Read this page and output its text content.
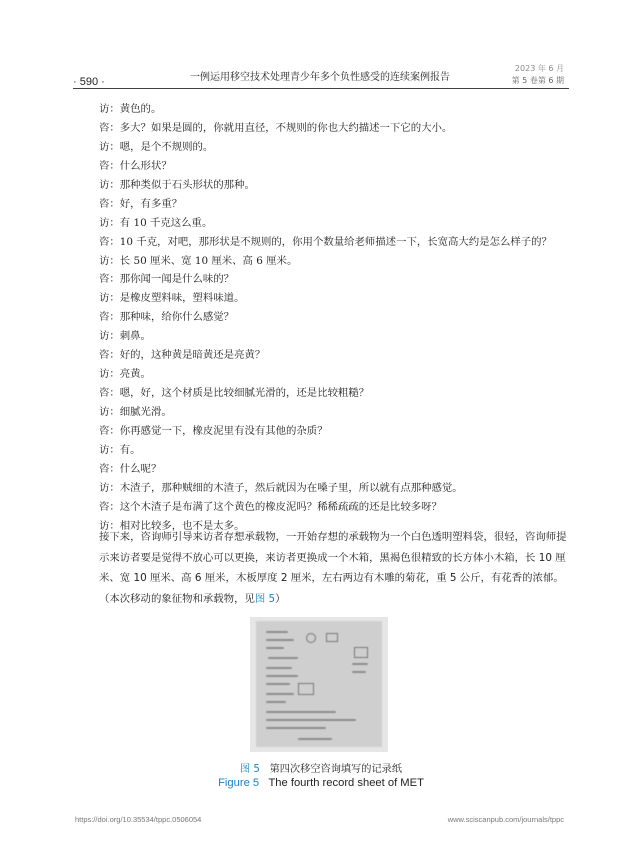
· 590 ·	一例运用移空技术处理青少年多个负性感受的连续案例报告
2023 年 6 月
第 5 卷第 6 期
访：黄色的。
咨：多大？如果是圆的，你就用直径，不规则的你也大约描述一下它的大小。
访：嗯，是个不规则的。
咨：什么形状？
访：那种类似于石头形状的那种。
咨：好，有多重？
访：有 10 千克这么重。
咨：10 千克，对吧，那形状是不规则的，你用个数量给老师描述一下，长宽高大约是怎么样子的？
访：长 50 厘米、宽 10 厘米、高 6 厘米。
咨：那你闻一闻是什么味的？
访：是橡皮塑料味，塑料味道。
咨：那种味，给你什么感觉？
访：刺鼻。
咨：好的，这种黄是暗黄还是亮黄？
访：亮黄。
咨：嗯，好，这个材质是比较细腻光滑的，还是比较粗糙？
访：细腻光滑。
咨：你再感觉一下，橡皮泥里有没有其他的杂质？
访：有。
咨：什么呢？
访：木渣子，那种贼细的木渣子，然后就因为在嗓子里，所以就有点那种感觉。
咨：这个木渣子是布满了这个黄色的橡皮泥吗？稀稀疏疏的还是比较多呀？
访：相对比较多，也不是太多。

接下来，咨询师引导来访者存想承载物，一开始存想的承载物为一个白色透明塑料袋，很轻，咨询师提示来访者要是觉得不放心可以更换，来访者更换成一个木箱，黑褐色很精致的长方体小木箱，长 10 厘米、宽 10 厘米、高 6 厘米，木板厚度 2 厘米，左右两边有木雕的菊花，重 5 公斤，有花香的浓郁。（本次移动的象征物和承载物，见图 5）

图 5 第四次移空咨询填写的记录纸
Figure 5 The fourth record sheet of MET
https://doi.org/10.35534/tppc.0506054	www.sciscanpub.com/journals/tppc
